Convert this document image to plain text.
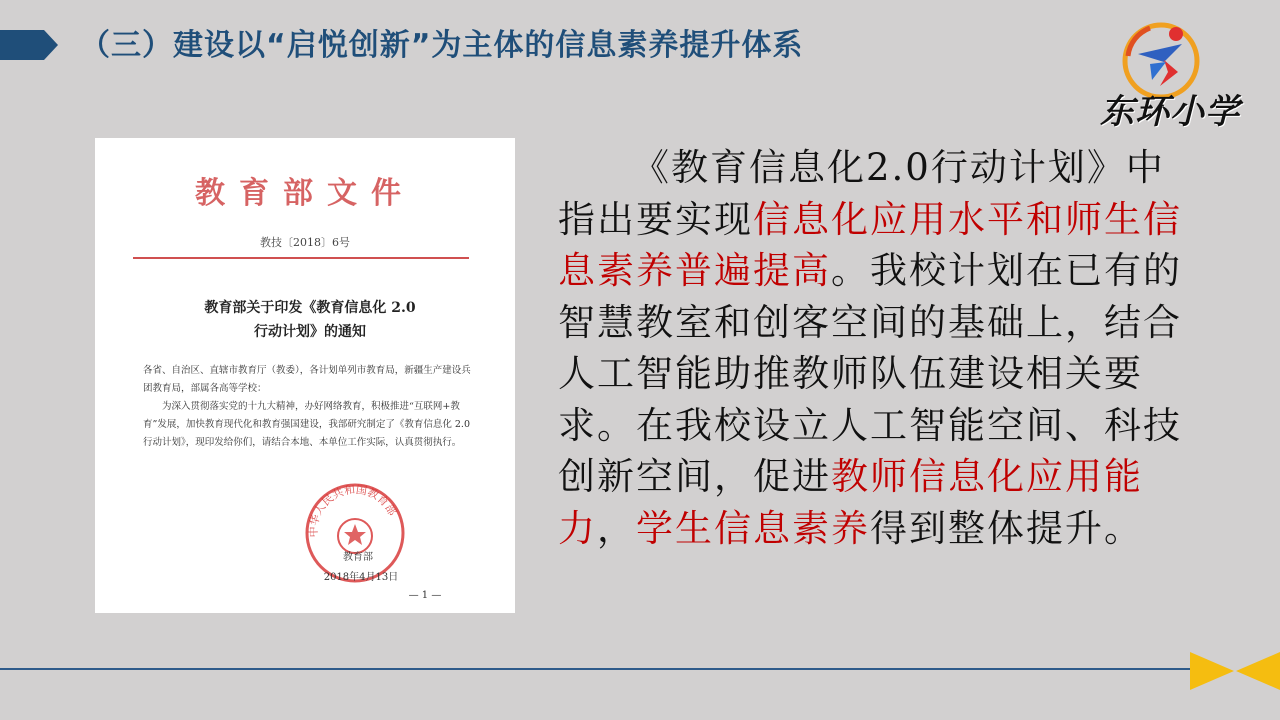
（三）建设以“启悦创新”为主体的信息素养提升体系
东环小学
教育部文件
教技〔2018〕6号
教育部关于印发《教育信息化 2.0
行动计划》的通知

各省、自治区、直辖市教育厅（教委），各计划单列市教育局，新疆生产建设兵团教育局，部属各高等学校：

为深入贯彻落实党的十九大精神，办好网络教育，积极推进“互联网+教育”发展，加快教育现代化和教育强国建设，我部研究制定了《教育信息化 2.0 行动计划》，现印发给你们，请结合本地、本单位工作实际，认真贯彻执行。

中华人民共和国教育部
教育部
2018年4月13日
— 1 —
《教育信息化2.0行动计划》中指出要实现信息化应用水平和师生信息素养普遍提高。我校计划在已有的智慧教室和创客空间的基础上，结合人工智能助推教师队伍建设相关要求。在我校设立人工智能空间、科技创新空间，促进教师信息化应用能力，学生信息素养得到整体提升。
